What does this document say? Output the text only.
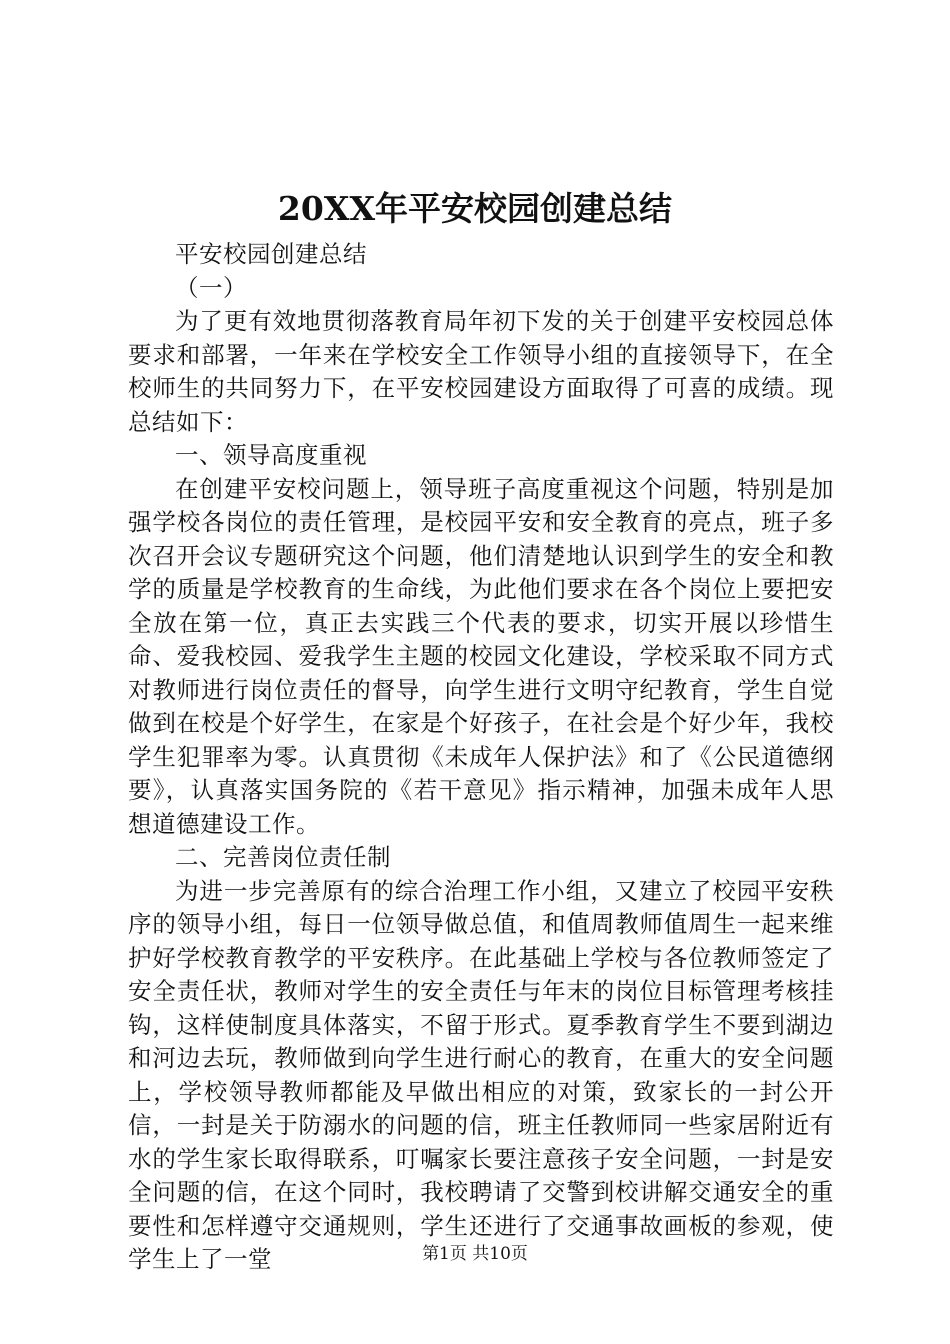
20XX年平安校园创建总结

平安校园创建总结

（一）

为了更有效地贯彻落教育局年初下发的关于创建平安校园总体要求和部署，一年来在学校安全工作领导小组的直接领导下，在全校师生的共同努力下，在平安校园建设方面取得了可喜的成绩。现总结如下：

一、领导高度重视

在创建平安校问题上，领导班子高度重视这个问题，特别是加强学校各岗位的责任管理，是校园平安和安全教育的亮点，班子多次召开会议专题研究这个问题，他们清楚地认识到学生的安全和教学的质量是学校教育的生命线，为此他们要求在各个岗位上要把安全放在第一位，真正去实践三个代表的要求，切实开展以珍惜生命、爱我校园、爱我学生主题的校园文化建设，学校采取不同方式对教师进行岗位责任的督导，向学生进行文明守纪教育，学生自觉做到在校是个好学生，在家是个好孩子，在社会是个好少年，我校学生犯罪率为零。认真贯彻《未成年人保护法》和了《公民道德纲要》，认真落实国务院的《若干意见》指示精神，加强未成年人思想道德建设工作。

二、完善岗位责任制

为进一步完善原有的综合治理工作小组，又建立了校园平安秩序的领导小组，每日一位领导做总值，和值周教师值周生一起来维护好学校教育教学的平安秩序。在此基础上学校与各位教师签定了安全责任状，教师对学生的安全责任与年末的岗位目标管理考核挂钩，这样使制度具体落实，不留于形式。夏季教育学生不要到湖边和河边去玩，教师做到向学生进行耐心的教育，在重大的安全问题上，学校领导教师都能及早做出相应的对策，致家长的一封公开信，一封是关于防溺水的问题的信，班主任教师同一些家居附近有水的学生家长取得联系，叮嘱家长要注意孩子安全问题，一封是安全问题的信，在这个同时，我校聘请了交警到校讲解交通安全的重要性和怎样遵守交通规则，学生还进行了交通事故画板的参观，使学生上了一堂	第1页 共10页
